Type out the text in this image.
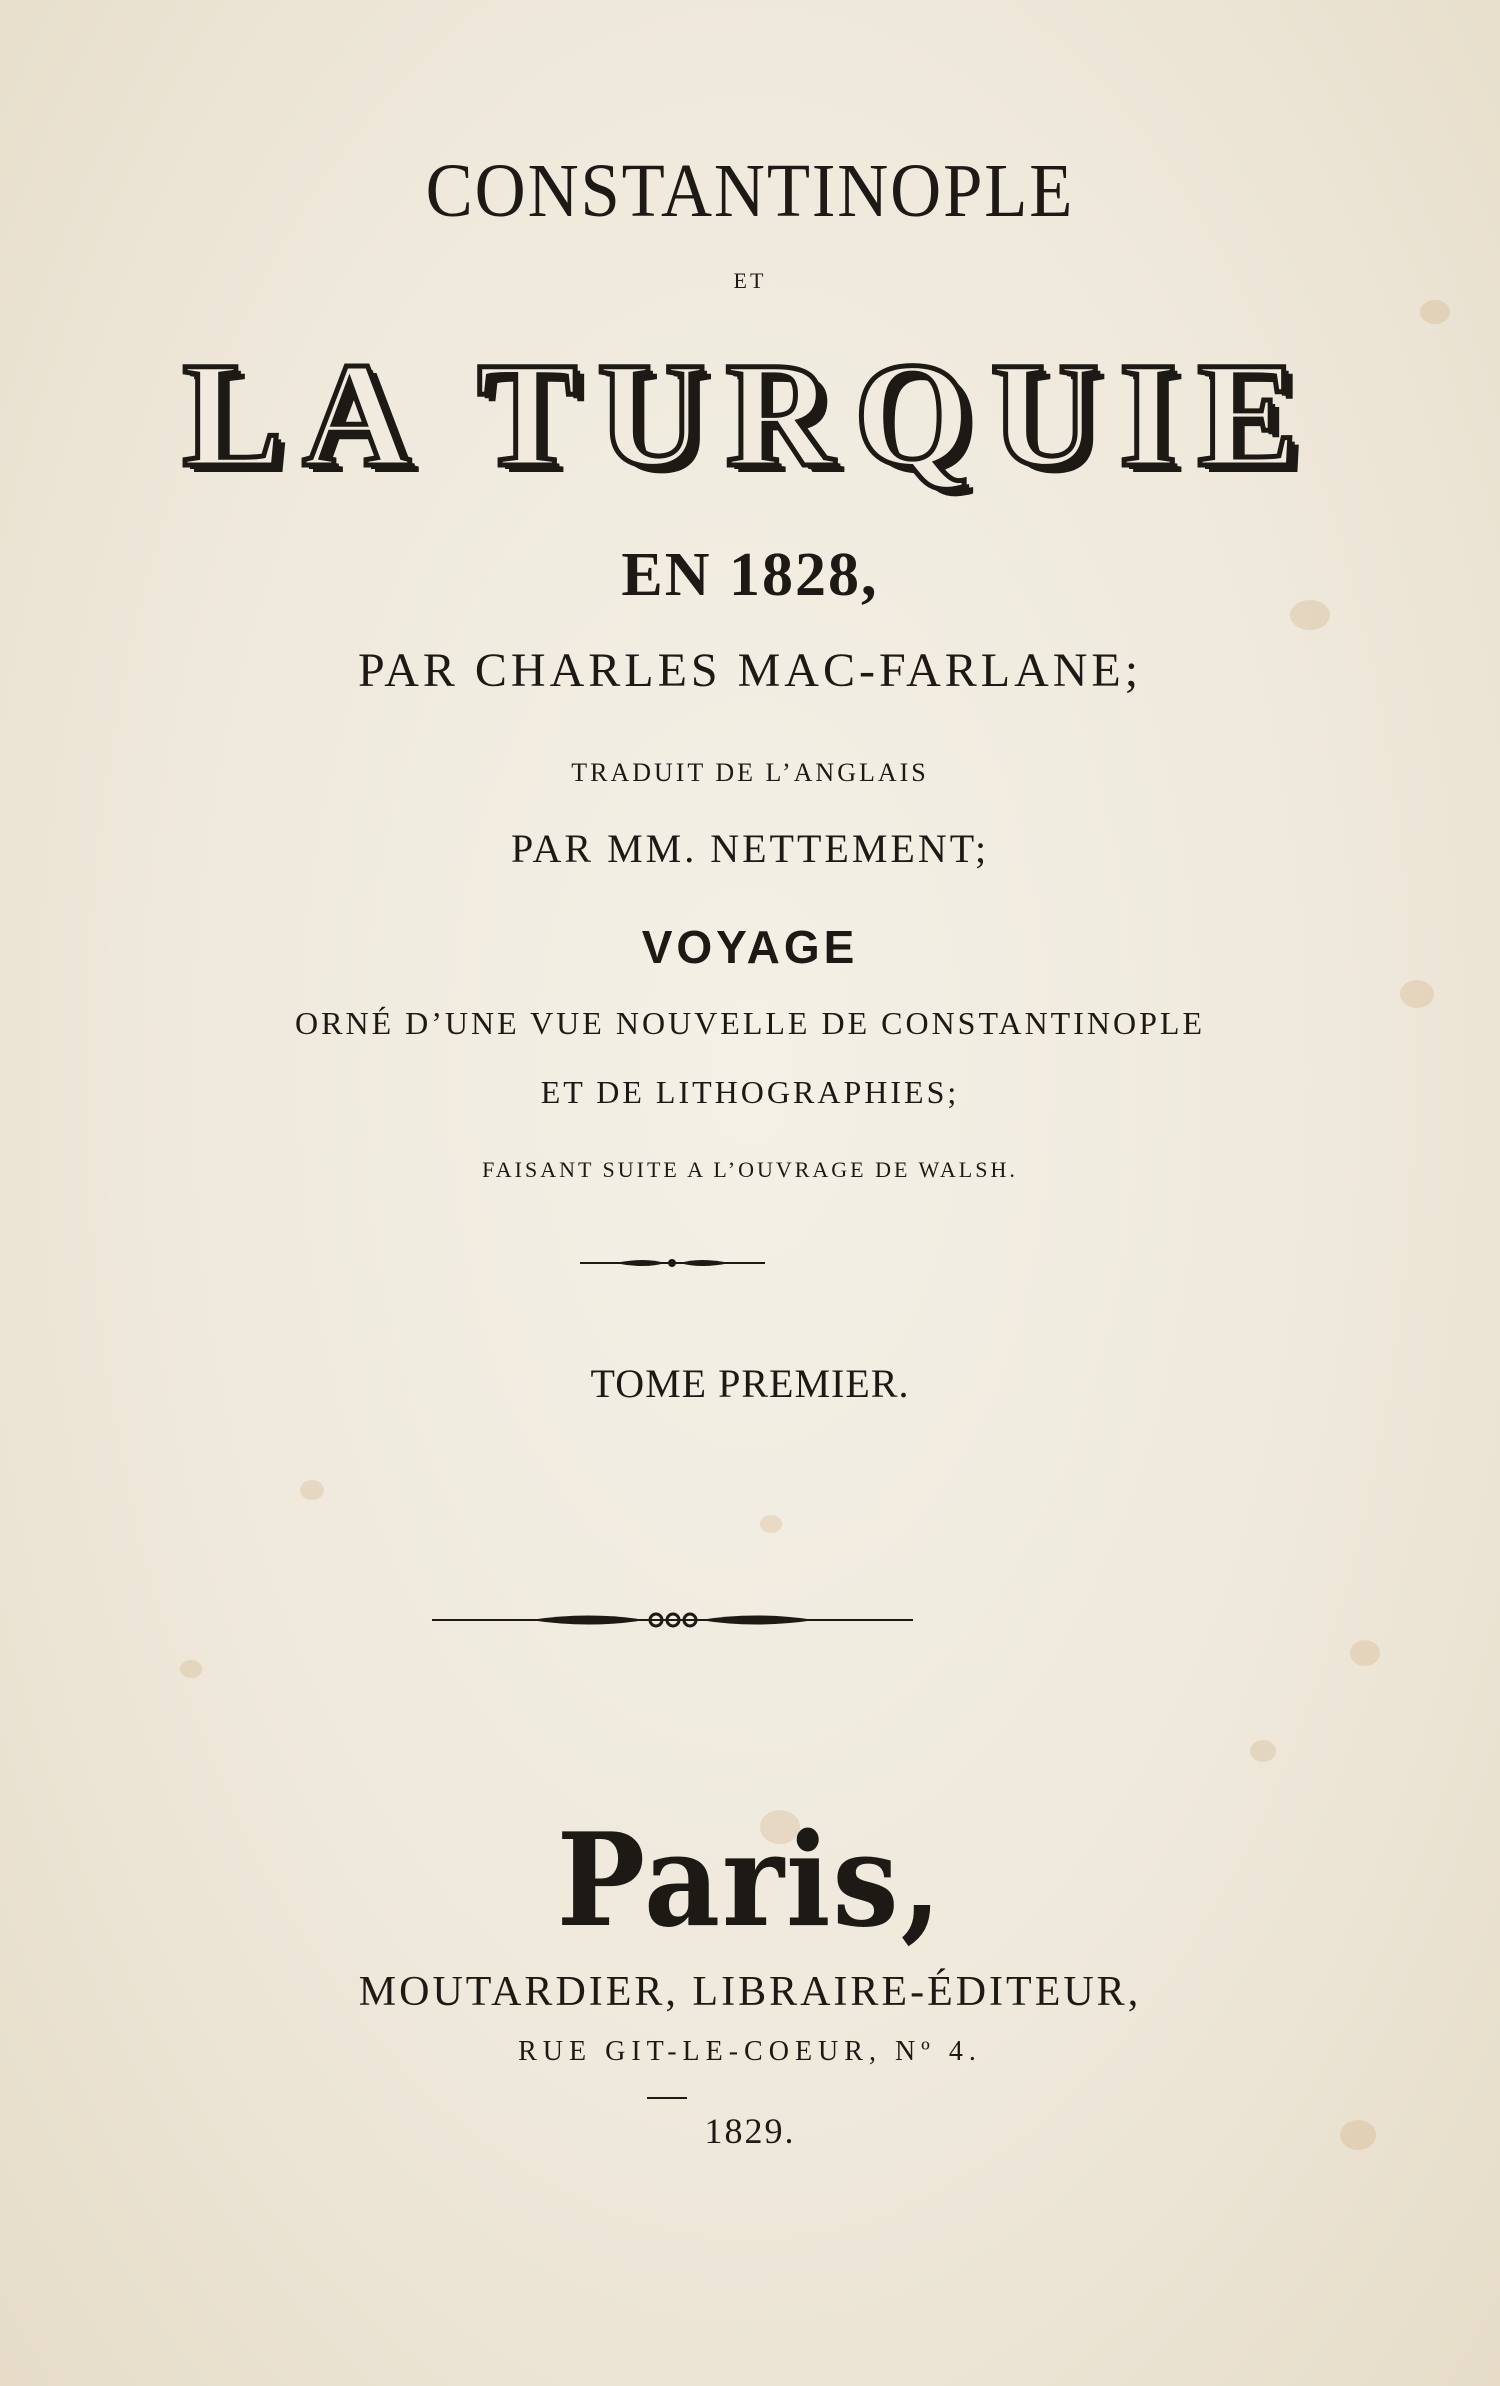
CONSTANTINOPLE
ET
LA TURQUIE
EN 1828,
PAR CHARLES MAC-FARLANE;
TRADUIT DE L’ANGLAIS
PAR MM. NETTEMENT;
VOYAGE
ORNÉ D’UNE VUE NOUVELLE DE CONSTANTINOPLE
ET DE LITHOGRAPHIES;
FAISANT SUITE A L’OUVRAGE DE WALSH.
TOME PREMIER.
Paris,
MOUTARDIER, LIBRAIRE-ÉDITEUR,
RUE GIT-LE-COEUR, Nº 4.
1829.
